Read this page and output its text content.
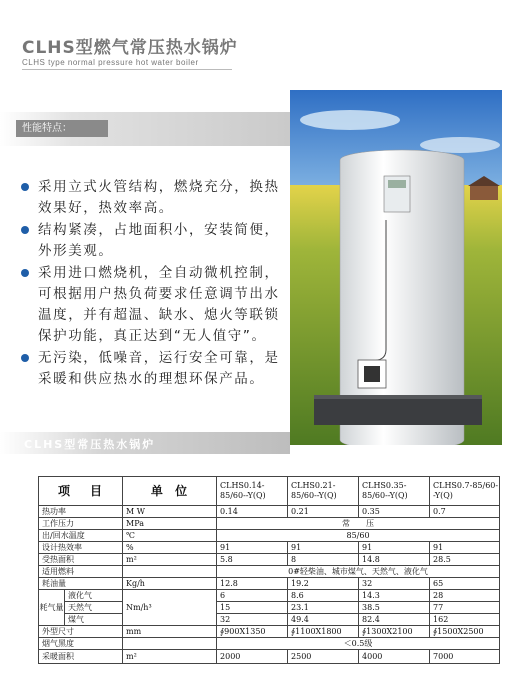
CLHS型燃气常压热水锅炉
CLHS type normal pressure hot water boiler
性能特点：
采用立式火管结构，燃烧充分，换热效果好，热效率高。
结构紧凑，占地面积小，安装简便，外形美观。
采用进口燃烧机，全自动微机控制，可根据用户热负荷要求任意调节出水温度，并有超温、缺水、熄火等联锁保护功能，真正达到“无人值守”。
无污染，低噪音，运行安全可靠，是采暖和供应热水的理想环保产品。
CLHS型常压热水锅炉
项　目		单 位	CLHS0.14-85/60--Y(Q)	CLHS0.21-85/60--Y(Q)	CLHS0.35-85/60--Y(Q)	CLHS0.7-85/60--Y(Q)
热功率		M W	0.14	0.21	0.35	0.7
工作压力		MPa	常　　压			
出/回水温度		℃	85/60			
设计热效率		%	91	91	91	91
受热面积		m²	5.8	8	14.8	28.5
适用燃料			0#轻柴油、城市煤气、天然气、液化气			
耗油量		Kg/h	12.8	19.2	32	65
耗气量	液化气	Nm/h³	6	8.6	14.3	28
	天然气		15	23.1	38.5	77
	煤气		32	49.4	82.4	162
外型尺寸		mm	∮900X1350	∮1100X1800	∮1300X2100	∮1500X2500
烟气黑度			＜0.5级			
采暖面积		m²	2000	2500	4000	7000
